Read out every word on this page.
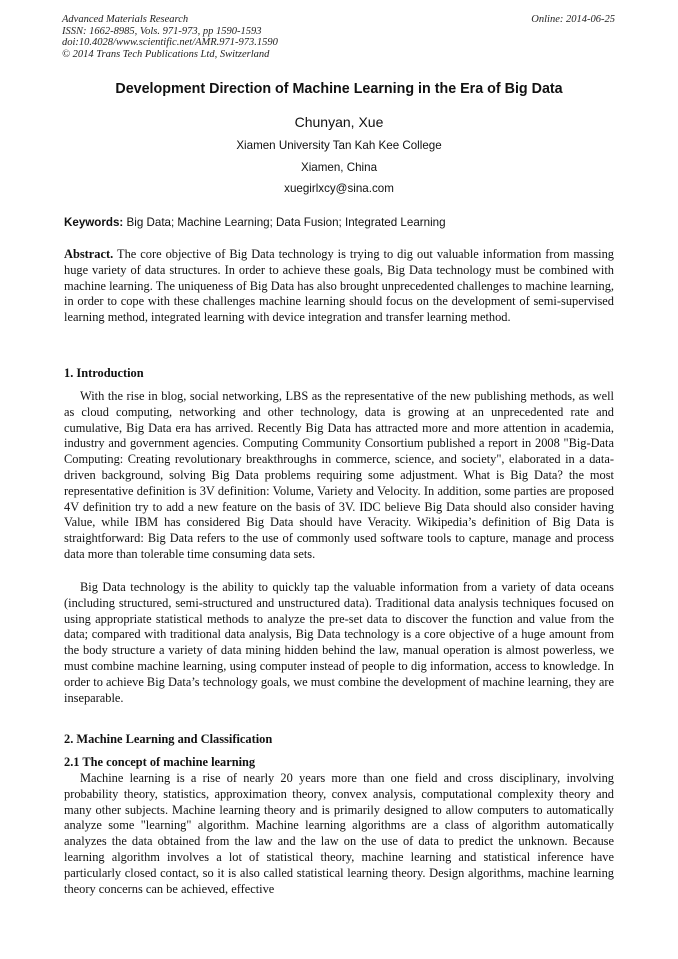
Advanced Materials Research
ISSN: 1662-8985, Vols. 971-973, pp 1590-1593
doi:10.4028/www.scientific.net/AMR.971-973.1590
© 2014 Trans Tech Publications Ltd, Switzerland
Online: 2014-06-25
Development Direction of Machine Learning in the Era of Big Data
Chunyan, Xue
Xiamen University Tan Kah Kee College
Xiamen, China
xuegirlxcy@sina.com
Keywords: Big Data; Machine Learning; Data Fusion; Integrated Learning
Abstract. The core objective of Big Data technology is trying to dig out valuable information from massing huge variety of data structures. In order to achieve these goals, Big Data technology must be combined with machine learning. The uniqueness of Big Data has also brought unprecedented challenges to machine learning, in order to cope with these challenges machine learning should focus on the development of semi-supervised learning method, integrated learning with device integration and transfer learning method.
1. Introduction
With the rise in blog, social networking, LBS as the representative of the new publishing methods, as well as cloud computing, networking and other technology, data is growing at an unprecedented rate and cumulative, Big Data era has arrived. Recently Big Data has attracted more and more attention in academia, industry and government agencies. Computing Community Consortium published a report in 2008 "Big-Data Computing: Creating revolutionary breakthroughs in commerce, science, and society", elaborated in a data-driven background, solving Big Data problems requiring some adjustment. What is Big Data? the most representative definition is 3V definition: Volume, Variety and Velocity. In addition, some parties are proposed 4V definition try to add a new feature on the basis of 3V. IDC believe Big Data should also consider having Value, while IBM has considered Big Data should have Veracity. Wikipedia’s definition of Big Data is straightforward: Big Data refers to the use of commonly used software tools to capture, manage and process data more than tolerable time consuming data sets.
Big Data technology is the ability to quickly tap the valuable information from a variety of data oceans (including structured, semi-structured and unstructured data). Traditional data analysis techniques focused on using appropriate statistical methods to analyze the pre-set data to discover the function and value from the data; compared with traditional data analysis, Big Data technology is a core objective of a huge amount from the body structure a variety of data mining hidden behind the law, manual operation is almost powerless, we must combine machine learning, using computer instead of people to dig information, access to knowledge. In order to achieve Big Data’s technology goals, we must combine the development of machine learning, they are inseparable.
2. Machine Learning and Classification
2.1 The concept of machine learning
Machine learning is a rise of nearly 20 years more than one field and cross disciplinary, involving probability theory, statistics, approximation theory, convex analysis, computational complexity theory and many other subjects. Machine learning theory and is primarily designed to allow computers to automatically analyze some "learning" algorithm. Machine learning algorithms are a class of algorithm automatically analyzes the data obtained from the law and the law on the use of data to predict the unknown. Because learning algorithm involves a lot of statistical theory, machine learning and statistical inference have particularly closed contact, so it is also called statistical learning theory. Design algorithms, machine learning theory concerns can be achieved, effective
